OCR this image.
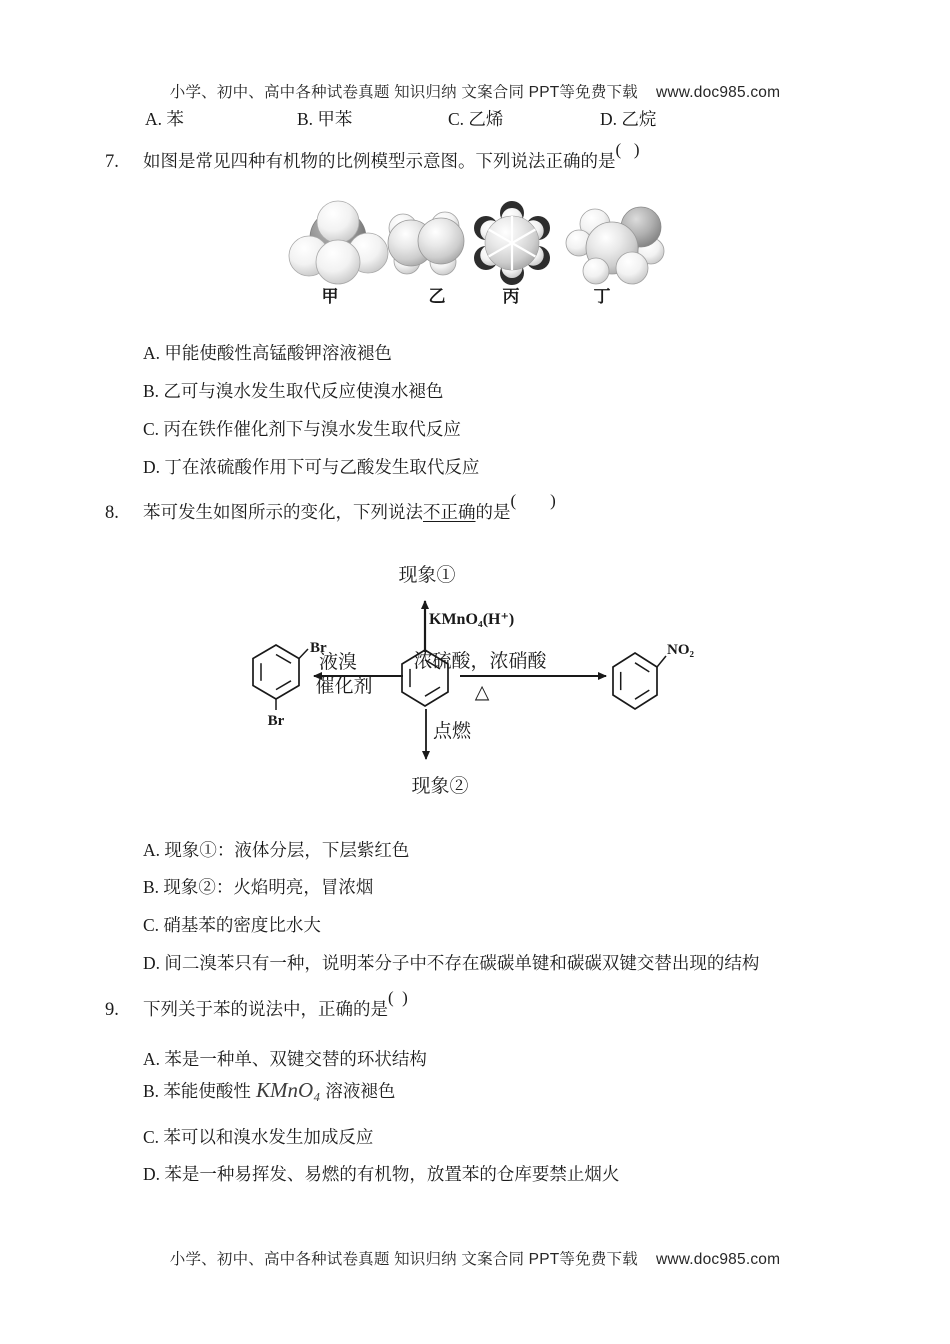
小学、初中、高中各种试卷真题 知识归纳 文案合同 PPT等免费下载 www.doc985.com
A. 苯	B. 甲苯	C. 乙烯	D. 乙烷
7. 如图是常见四种有机物的比例模型示意图。下列说法正确的是(   )
甲	乙	丙	丁
A. 甲能使酸性高锰酸钾溶液褪色
B. 乙可与溴水发生取代反应使溴水褪色
C. 丙在铁作催化剂下与溴水发生取代反应
D. 丁在浓硫酸作用下可与乙酸发生取代反应
8. 苯可发生如图所示的变化，下列说法不正确的是(        )
现象①
KMnO₄(H⁺)
液溴
催化剂
Br
Br
浓硫酸，浓硝酸
△
NO₂
点燃
现象②
A. 现象①：液体分层，下层紫红色
B. 现象②：火焰明亮，冒浓烟
C. 硝基苯的密度比水大
D. 间二溴苯只有一种，说明苯分子中不存在碳碳单键和碳碳双键交替出现的结构
9. 下列关于苯的说法中，正确的是(  )
A. 苯是一种单、双键交替的环状结构
B. 苯能使酸性 KMnO₄ 溶液褪色
C. 苯可以和溴水发生加成反应
D. 苯是一种易挥发、易燃的有机物，放置苯的仓库要禁止烟火
小学、初中、高中各种试卷真题 知识归纳 文案合同 PPT等免费下载 www.doc985.com
